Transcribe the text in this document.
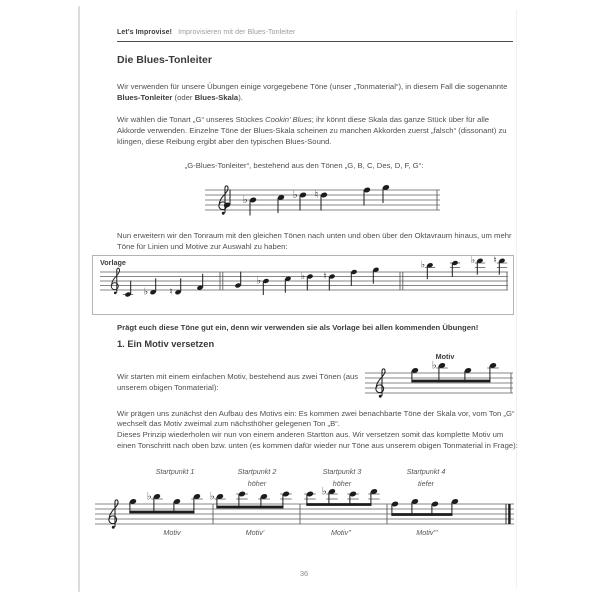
Let’s Improvise! Improvisieren mit der Blues-Tonleiter
Die Blues-Tonleiter

Wir verwenden für unsere Übungen einige vorgegebene Töne (unser „Tonmaterial“), in diesem Fall die sogenannte Blues-Tonleiter (oder Blues-Skala).

Wir wählen die Tonart „G“ unseres Stückes Cookin’ Blues; ihr könnt diese Skala das ganze Stück über für alle Akkorde verwenden. Einzelne Töne der Blues-Skala scheinen zu manchen Akkorden zuerst „falsch“ (dissonant) zu klingen, diese Reibung ergibt aber den typischen Blues-Sound.

„G-Blues-Tonleiter“, bestehend aus den Tönen „G, B, C, Des, D, F, G“:
♭	♭ ♮

Nun erweitern wir den Tonraum mit den gleichen Tönen nach unten und oben über den Oktavraum hinaus, um mehr Töne für Linien und Motive zur Auswahl zu haben:

Vorlage
♭ ♮
♭	♭ ♮
♭	♭ ♮

Prägt euch diese Töne gut ein, denn wir verwenden sie als Vorlage bei allen kommenden Übungen!

1. Ein Motiv versetzen

Wir starten mit einem einfachen Motiv, bestehend aus zwei Tönen (aus unserem obigen Tonmaterial):

Motiv
♭

Wir prägen uns zunächst den Aufbau des Motivs ein: Es kommen zwei benachbarte Töne der Skala vor, vom Ton „G“ wechselt das Motiv zweimal zum nächsthöher gelegenen Ton „B“.
Dieses Prinzip wiederholen wir nun von einem anderen Startton aus. Wir versetzen somit das komplette Motiv um einen Tonschritt nach oben bzw. unten (es kommen dafür wieder nur Töne aus unserem obigen Tonmaterial in Frage):

Startpunkt 1	Startpunkt 2
höher
Startpunkt 3
höher
Startpunkt 4
tiefer
♭	♭	♭
Motiv	Motiv’	Motiv’’	Motiv’’’
36
